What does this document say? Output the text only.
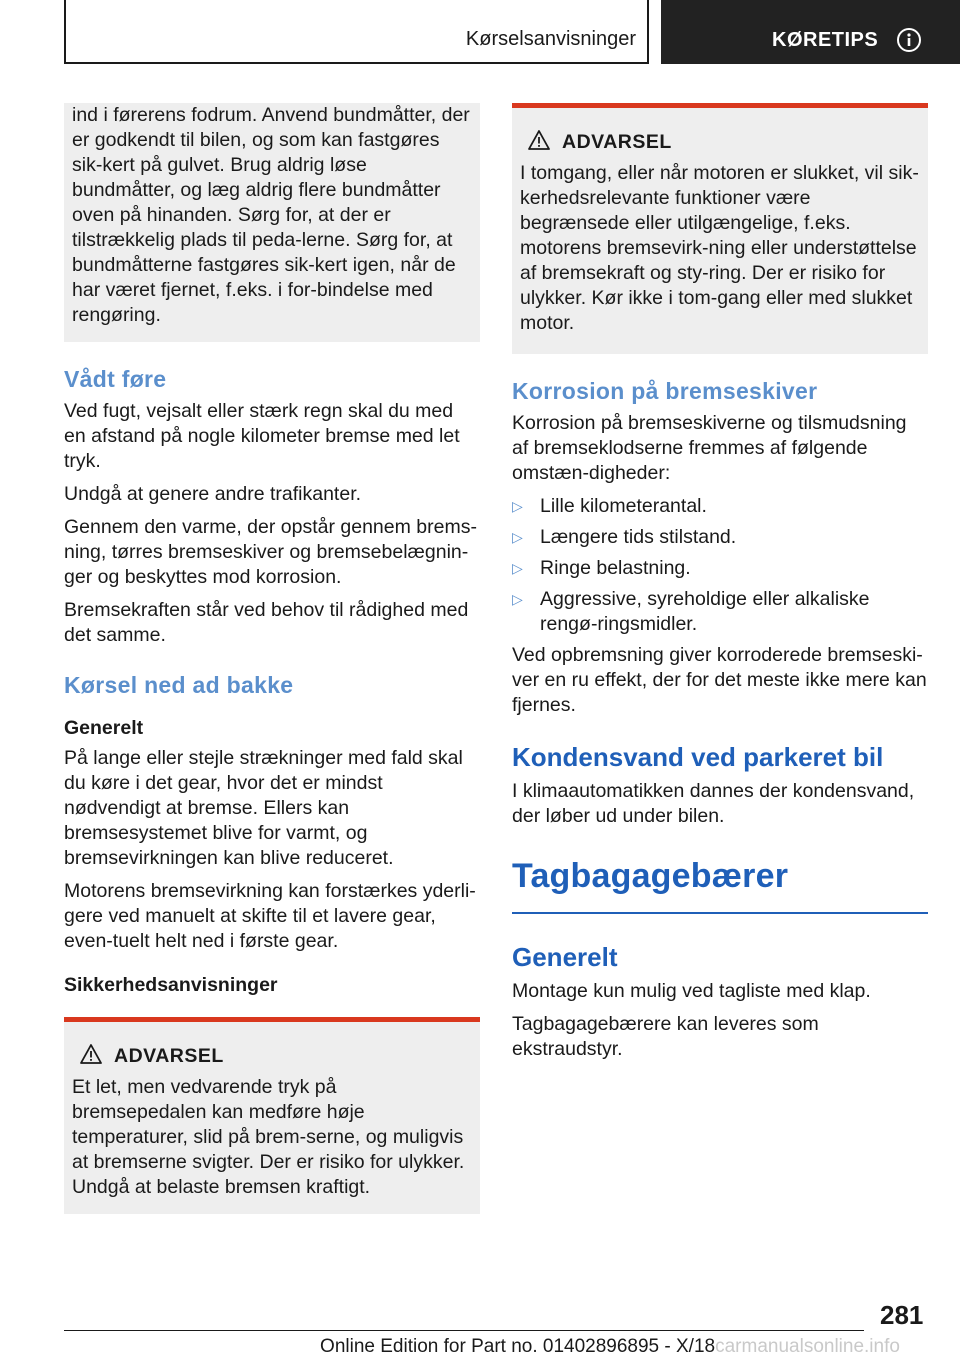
Kørselsanvisninger	KØRETIPS

ind i førerens fodrum. Anvend bundmåtter, der er godkendt til bilen, og som kan fastgøres sik-kert på gulvet. Brug aldrig løse bundmåtter, og læg aldrig flere bundmåtter oven på hinanden. Sørg for, at der er tilstrækkelig plads til peda-lerne. Sørg for, at bundmåtterne fastgøres sik-kert igen, når de har været fjernet, f.eks. i for-bindelse med rengøring.

Vådt føre

Ved fugt, vejsalt eller stærk regn skal du med en afstand på nogle kilometer bremse med let tryk.

Undgå at genere andre trafikanter.

Gennem den varme, der opstår gennem brems-ning, tørres bremseskiver og bremsebelægnin-ger og beskyttes mod korrosion.

Bremsekraften står ved behov til rådighed med det samme.

Kørsel ned ad bakke
Generelt

På lange eller stejle strækninger med fald skal du køre i det gear, hvor det er mindst nødvendigt at bremse. Ellers kan bremsesystemet blive for varmt, og bremsevirkningen kan blive reduceret.

Motorens bremsevirkning kan forstærkes yderli-gere ved manuelt at skifte til et lavere gear, even-tuelt helt ned i første gear.

Sikkerhedsanvisninger
ADVARSEL

Et let, men vedvarende tryk på bremsepedalen kan medføre høje temperaturer, slid på brem-serne, og muligvis at bremserne svigter. Der er risiko for ulykker. Undgå at belaste bremsen kraftigt.

ADVARSEL

I tomgang, eller når motoren er slukket, vil sik-kerhedsrelevante funktioner være begrænsede eller utilgængelige, f.eks. motorens bremsevirk-ning eller understøttelse af bremsekraft og sty-ring. Der er risiko for ulykker. Kør ikke i tom-gang eller med slukket motor.

Korrosion på bremseskiver

Korrosion på bremseskiverne og tilsmudsning af bremseklodserne fremmes af følgende omstæn-digheder:

▷ Lille kilometerantal.
▷ Længere tids stilstand.
▷ Ringe belastning.
▷ Aggressive, syreholdige eller alkaliske rengø-ringsmidler.

Ved opbremsning giver korroderede bremseski-ver en ru effekt, der for det meste ikke mere kan fjernes.

Kondensvand ved parkeret bil

I klimaautomatikken dannes der kondensvand, der løber ud under bilen.

Tagbagagebærer
Generelt

Montage kun mulig ved tagliste med klap.

Tagbagagebærere kan leveres som ekstraudstyr.

281
Online Edition for Part no. 01402896895 - X/18carmanualsonline.info
